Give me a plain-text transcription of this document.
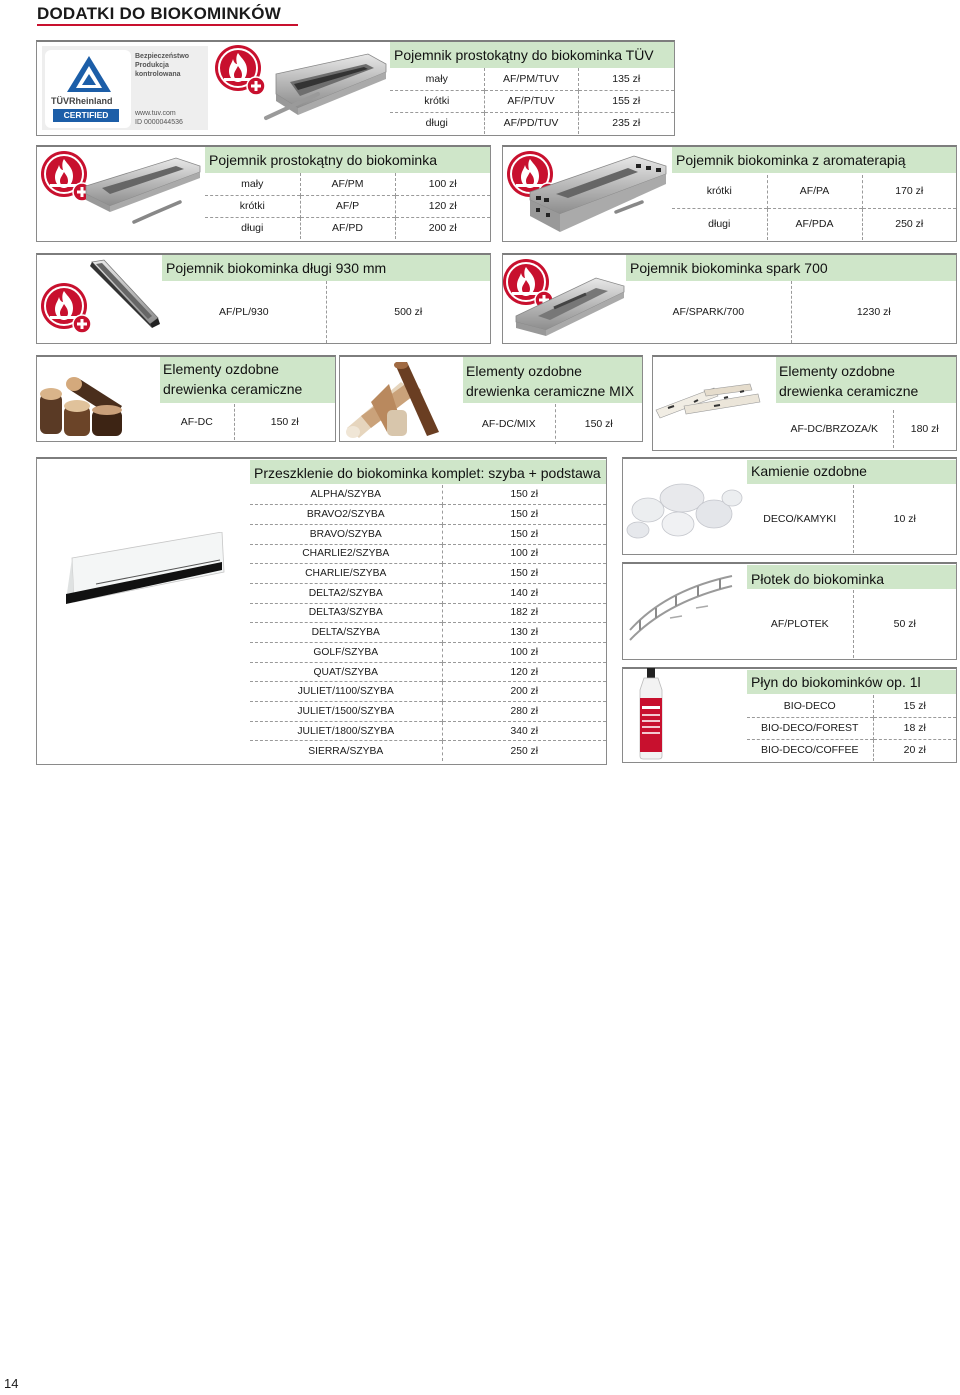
DODATKI DO BIOKOMINKÓW
TÜVRheinland
CERTIFIED
Bezpieczeństwo
Produkcja
kontrolowana
www.tuv.com
ID 0000044536
Pojemnik prostokątny do biokominka TÜV
mały	AF/PM/TUV	135 zł
krótki	AF/P/TUV	155 zł
długi	AF/PD/TUV	235 zł
Pojemnik prostokątny do biokominka
mały	AF/PM	100 zł
krótki	AF/P	120 zł
długi	AF/PD	200 zł
Pojemnik biokominka z aromaterapią
krótki	AF/PA	170 zł
długi	AF/PDA	250 zł
Pojemnik biokominka długi 930 mm
AF/PL/930	500 zł
Pojemnik biokominka spark 700
AF/SPARK/700	1230 zł
Elementy ozdobne
drewienka ceramiczne
AF-DC	150 zł
Elementy ozdobne
drewienka ceramiczne MIX
AF-DC/MIX	150 zł
Elementy ozdobne
drewienka ceramiczne
AF-DC/BRZOZA/K	180 zł
Przeszklenie do biokominka komplet: szyba + podstawa
ALPHA/SZYBA	150 zł
BRAVO2/SZYBA	150 zł
BRAVO/SZYBA	150 zł
CHARLIE2/SZYBA	100 zł
CHARLIE/SZYBA	150 zł
DELTA2/SZYBA	140 zł
DELTA3/SZYBA	182 zł
DELTA/SZYBA	130 zł
GOLF/SZYBA	100 zł
QUAT/SZYBA	120 zł
JULIET/1100/SZYBA	200 zł
JULIET/1500/SZYBA	280 zł
JULIET/1800/SZYBA	340 zł
SIERRA/SZYBA	250 zł
Kamienie ozdobne
DECO/KAMYKI	10 zł
Płotek do biokominka
AF/PLOTEK	50 zł
Płyn do biokominków op. 1l
BIO-DECO	15 zł
BIO-DECO/FOREST	18 zł
BIO-DECO/COFFEE	20 zł
14
